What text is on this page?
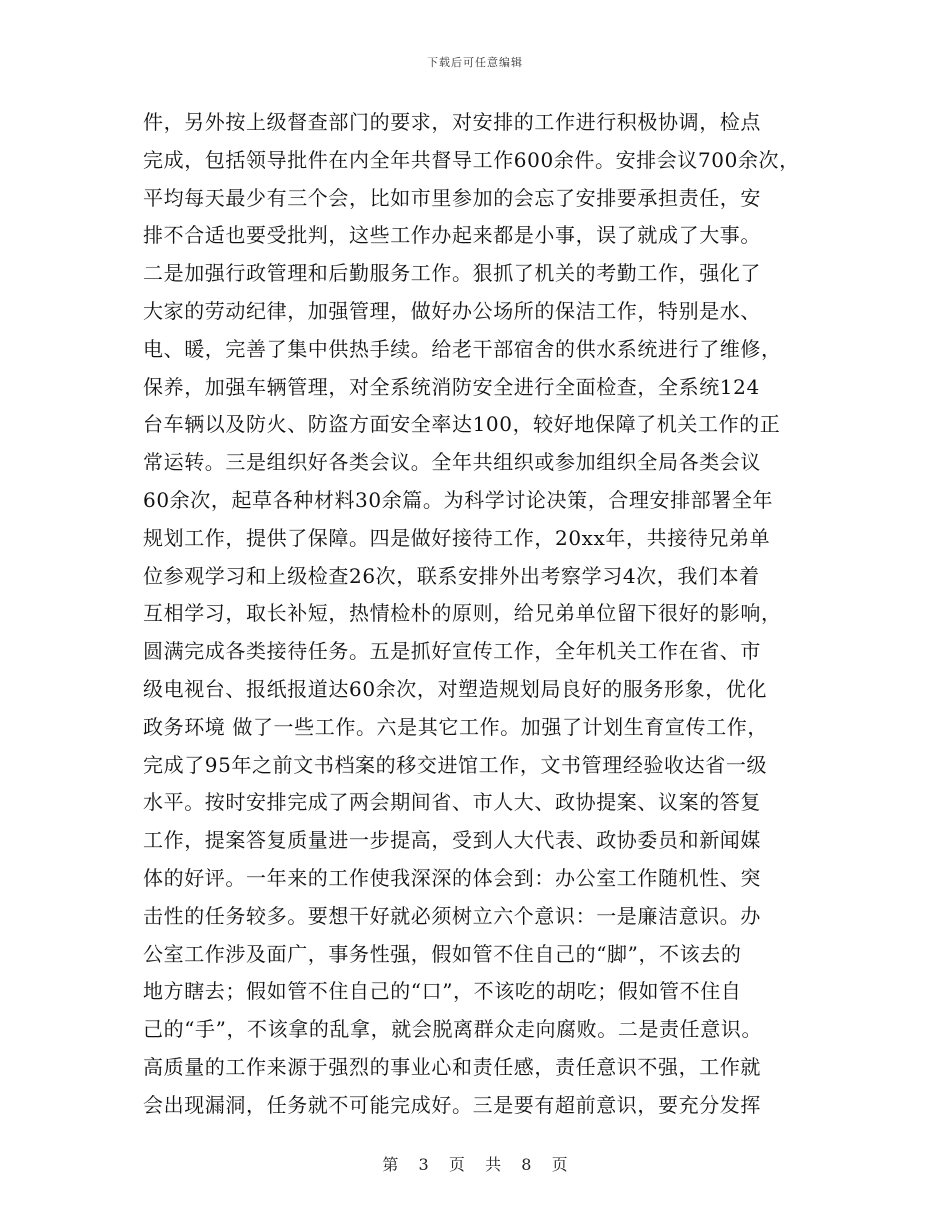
下载后可任意编辑
件，另外按上级督查部门的要求，对安排的工作进行积极协调，检点
完成，包括领导批件在内全年共督导工作600余件。安排会议700余次，
平均每天最少有三个会，比如市里参加的会忘了安排要承担责任，安
排不合适也要受批判，这些工作办起来都是小事，误了就成了大事。
二是加强行政管理和后勤服务工作。狠抓了机关的考勤工作，强化了
大家的劳动纪律，加强管理，做好办公场所的保洁工作，特别是水、
电、暖，完善了集中供热手续。给老干部宿舍的供水系统进行了维修，
保养，加强车辆管理，对全系统消防安全进行全面检查，全系统124
台车辆以及防火、防盗方面安全率达100，较好地保障了机关工作的正
常运转。三是组织好各类会议。全年共组织或参加组织全局各类会议
60余次，起草各种材料30余篇。为科学讨论决策，合理安排部署全年
规划工作，提供了保障。四是做好接待工作，20xx年，共接待兄弟单
位参观学习和上级检查26次，联系安排外出考察学习4次，我们本着
互相学习，取长补短，热情检朴的原则，给兄弟单位留下很好的影响，
圆满完成各类接待任务。五是抓好宣传工作，全年机关工作在省、市
级电视台、报纸报道达60余次，对塑造规划局良好的服务形象，优化
政务环境 做了一些工作。六是其它工作。加强了计划生育宣传工作，
完成了95年之前文书档案的移交进馆工作，文书管理经验收达省一级
水平。按时安排完成了两会期间省、市人大、政协提案、议案的答复
工作，提案答复质量进一步提高，受到人大代表、政协委员和新闻媒
体的好评。一年来的工作使我深深的体会到：办公室工作随机性、突
击性的任务较多。要想干好就必须树立六个意识：一是廉洁意识。办
公室工作涉及面广，事务性强，假如管不住自己的“脚”，不该去的
地方瞎去；假如管不住自己的“口”，不该吃的胡吃；假如管不住自
己的“手”，不该拿的乱拿，就会脱离群众走向腐败。二是责任意识。
高质量的工作来源于强烈的事业心和责任感，责任意识不强，工作就
会出现漏洞，任务就不可能完成好。三是要有超前意识，要充分发挥
第 3 页 共 8 页
